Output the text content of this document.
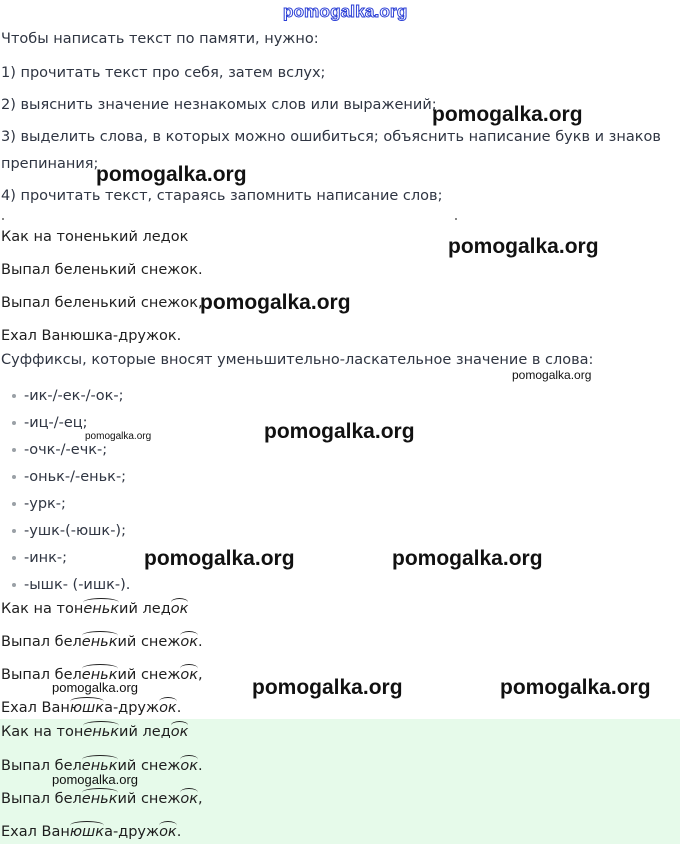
pomogalka.org
Чтобы написать текст по памяти, нужно:
1) прочитать текст про себя, затем вслух;
2) выяснить значение незнакомых слов или выражений;
3) выделить слова, в которых можно ошибиться; объяснить написание букв и знаков
препинания;
4) прочитать текст, стараясь запомнить написание слов;
Как на тоненький ледок
Выпал беленький снежок.
Выпал беленький снежок,
Ехал Ванюшка-дружок.
Суффиксы, которые вносят уменьшительно-ласкательное значение в слова:
-ик-/-ек-/-ок-;
-иц-/-ец;
-очк-/-ечк-;
-оньк-/-еньк-;
-урк-;
-ушк-(-юшк-);
-инк-;
-ышк- (-ишк-).
Как на тоненький ледок
Выпал беленький снежок.
Выпал беленький снежок,
Ехал Ванюшка-дружок.
Как на тоненький ледок
Выпал беленький снежок.
Выпал беленький снежок,
Ехал Ванюшка-дружок.
pomogalka.org
pomogalka.org
pomogalka.org
pomogalka.org
pomogalka.org
pomogalka.org
pomogalka.org
pomogalka.org	pomogalka.org
pomogalka.org	pomogalka.org	pomogalka.org
pomogalka.org
